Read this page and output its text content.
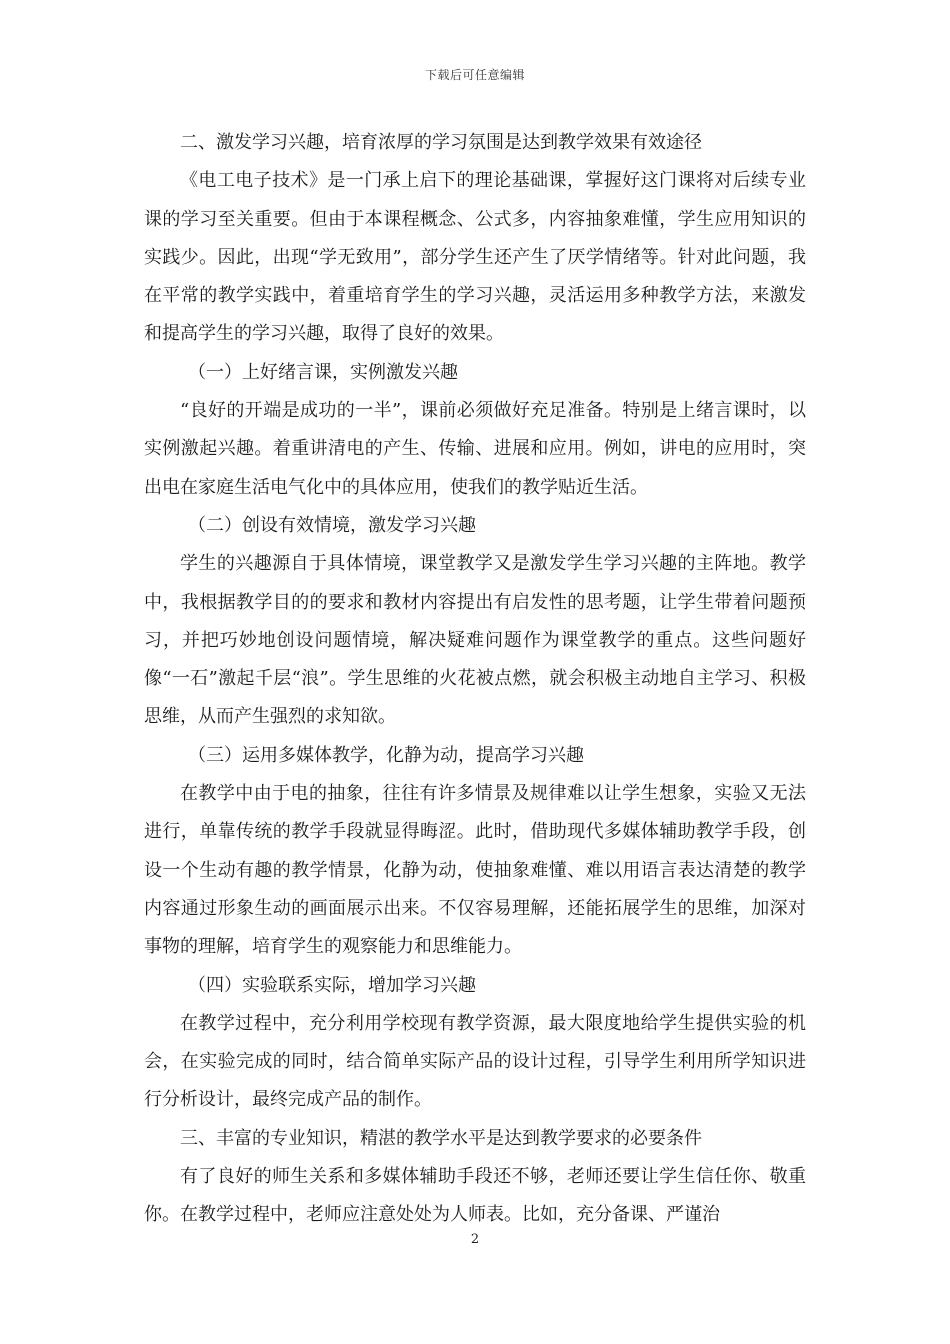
下载后可任意编辑

二、激发学习兴趣，培育浓厚的学习氛围是达到教学效果有效途径

《电工电子技术》是一门承上启下的理论基础课，掌握好这门课将对后续专业课的学习至关重要。但由于本课程概念、公式多，内容抽象难懂，学生应用知识的实践少。因此，出现“学无致用”，部分学生还产生了厌学情绪等。针对此问题，我在平常的教学实践中，着重培育学生的学习兴趣，灵活运用多种教学方法，来激发和提高学生的学习兴趣，取得了良好的效果。

（一）上好绪言课，实例激发兴趣

“良好的开端是成功的一半”，课前必须做好充足准备。特别是上绪言课时，以实例激起兴趣。着重讲清电的产生、传输、进展和应用。例如，讲电的应用时，突出电在家庭生活电气化中的具体应用，使我们的教学贴近生活。

（二）创设有效情境，激发学习兴趣

学生的兴趣源自于具体情境，课堂教学又是激发学生学习兴趣的主阵地。教学中，我根据教学目的的要求和教材内容提出有启发性的思考题，让学生带着问题预习，并把巧妙地创设问题情境，解决疑难问题作为课堂教学的重点。这些问题好像“一石”激起千层“浪”。学生思维的火花被点燃，就会积极主动地自主学习、积极思维，从而产生强烈的求知欲。

（三）运用多媒体教学，化静为动，提高学习兴趣

在教学中由于电的抽象，往往有许多情景及规律难以让学生想象，实验又无法进行，单靠传统的教学手段就显得晦涩。此时，借助现代多媒体辅助教学手段，创设一个生动有趣的教学情景，化静为动，使抽象难懂、难以用语言表达清楚的教学内容通过形象生动的画面展示出来。不仅容易理解，还能拓展学生的思维，加深对事物的理解，培育学生的观察能力和思维能力。

（四）实验联系实际，增加学习兴趣

在教学过程中，充分利用学校现有教学资源，最大限度地给学生提供实验的机会，在实验完成的同时，结合简单实际产品的设计过程，引导学生利用所学知识进行分析设计，最终完成产品的制作。

三、丰富的专业知识，精湛的教学水平是达到教学要求的必要条件

有了良好的师生关系和多媒体辅助手段还不够，老师还要让学生信任你、敬重你。在教学过程中，老师应注意处处为人师表。比如，充分备课、严谨治

2
